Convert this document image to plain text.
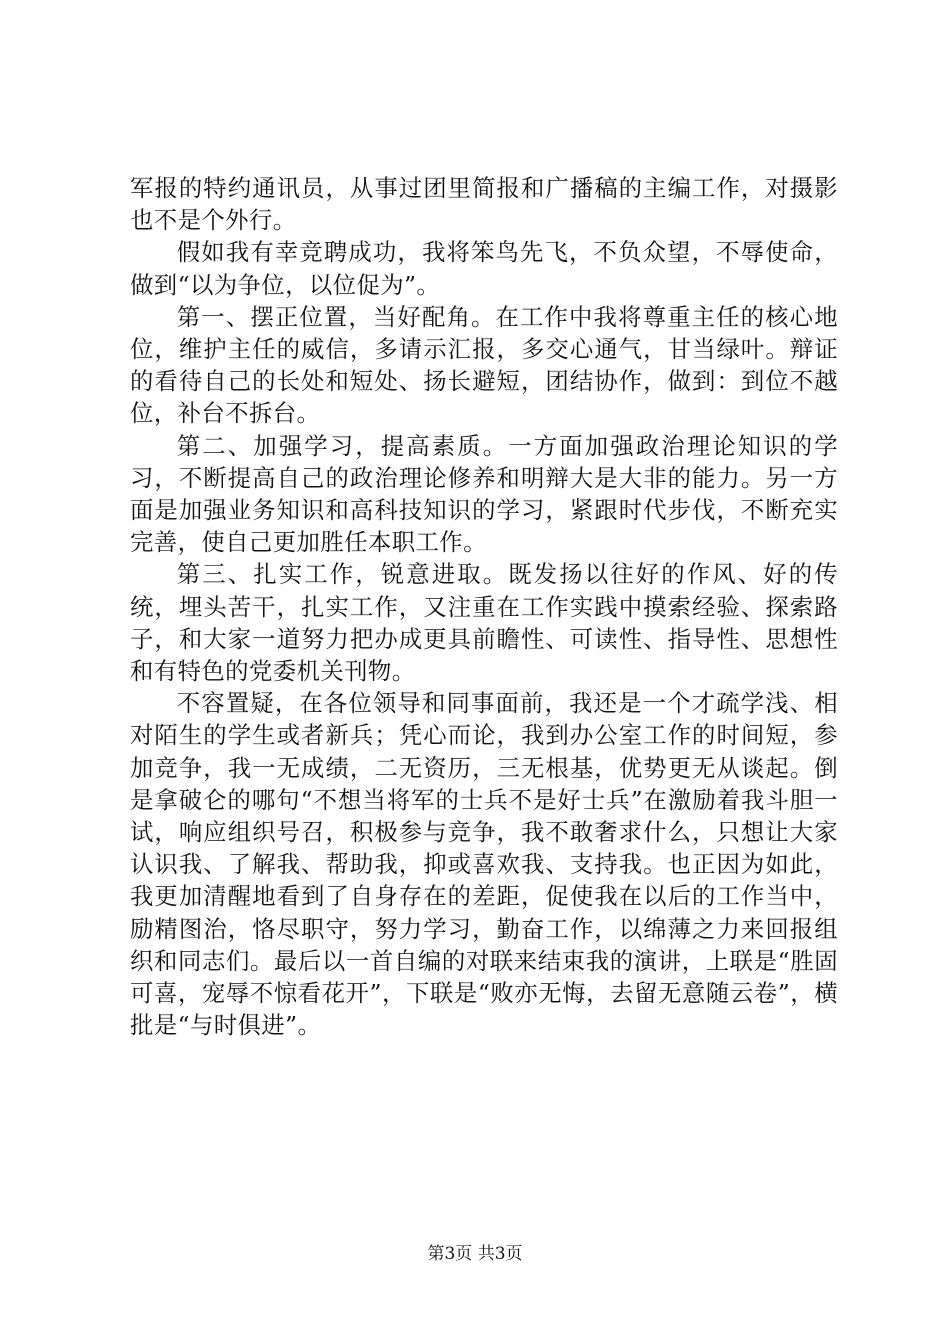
军报的特约通讯员，从事过团里简报和广播稿的主编工作，对摄影也不是个外行。

假如我有幸竞聘成功，我将笨鸟先飞，不负众望，不辱使命，做到“以为争位，以位促为”。

第一、摆正位置，当好配角。在工作中我将尊重主任的核心地位，维护主任的威信，多请示汇报，多交心通气，甘当绿叶。辩证的看待自己的长处和短处、扬长避短，团结协作，做到：到位不越位，补台不拆台。

第二、加强学习，提高素质。一方面加强政治理论知识的学习，不断提高自己的政治理论修养和明辩大是大非的能力。另一方面是加强业务知识和高科技知识的学习，紧跟时代步伐，不断充实完善，使自己更加胜任本职工作。

第三、扎实工作，锐意进取。既发扬以往好的作风、好的传统，埋头苦干，扎实工作，又注重在工作实践中摸索经验、探索路子，和大家一道努力把办成更具前瞻性、可读性、指导性、思想性和有特色的党委机关刊物。

不容置疑，在各位领导和同事面前，我还是一个才疏学浅、相对陌生的学生或者新兵；凭心而论，我到办公室工作的时间短，参加竞争，我一无成绩，二无资历，三无根基，优势更无从谈起。倒是拿破仑的哪句“不想当将军的士兵不是好士兵”在激励着我斗胆一试，响应组织号召，积极参与竞争，我不敢奢求什么，只想让大家认识我、了解我、帮助我，抑或喜欢我、支持我。也正因为如此，我更加清醒地看到了自身存在的差距，促使我在以后的工作当中，励精图治，恪尽职守，努力学习，勤奋工作，以绵薄之力来回报组织和同志们。最后以一首自编的对联来结束我的演讲，上联是“胜固可喜，宠辱不惊看花开”，下联是“败亦无悔，去留无意随云卷”，横批是“与时俱进”。

第3页 共3页
